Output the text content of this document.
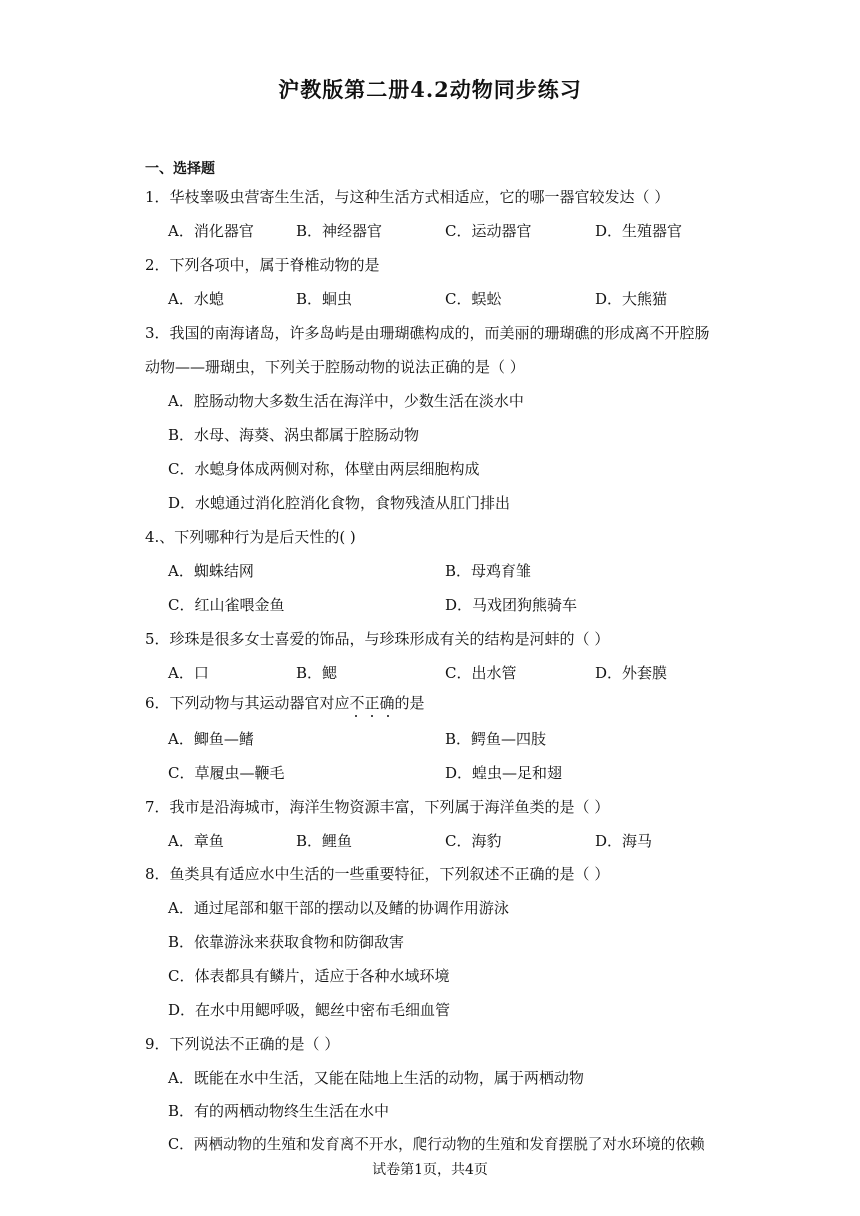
沪教版第二册4.2动物同步练习
一、选择题
1．华枝睾吸虫营寄生生活，与这种生活方式相适应，它的哪一器官较发达（ ）
A．消化器官	B．神经器官	C．运动器官	D．生殖器官
2．下列各项中，属于脊椎动物的是
A．水螅	B．蛔虫	C．蜈蚣	D．大熊猫
3．我国的南海诸岛，许多岛屿是由珊瑚礁构成的，而美丽的珊瑚礁的形成离不开腔肠
动物——珊瑚虫，下列关于腔肠动物的说法正确的是（ ）
A．腔肠动物大多数生活在海洋中，少数生活在淡水中
B．水母、海葵、涡虫都属于腔肠动物
C．水螅身体成两侧对称，体壁由两层细胞构成
D．水螅通过消化腔消化食物，食物残渣从肛门排出
4.、下列哪种行为是后天性的( )
A．蜘蛛结网	B．母鸡育雏
C．红山雀喂金鱼	D．马戏团狗熊骑车
5．珍珠是很多女士喜爱的饰品，与珍珠形成有关的结构是河蚌的（ ）
A．口	B．鳃	C．出水管	D．外套膜
6．下列动物与其运动器官对应不正确的是
A．鲫鱼—鳍	B．鳄鱼—四肢
C．草履虫—鞭毛	D．蝗虫—足和翅
7．我市是沿海城市，海洋生物资源丰富，下列属于海洋鱼类的是（ ）
A．章鱼	B．鲤鱼	C．海豹	D．海马
8．鱼类具有适应水中生活的一些重要特征，下列叙述不正确的是（ ）
A．通过尾部和躯干部的摆动以及鳍的协调作用游泳
B．依靠游泳来获取食物和防御敌害
C．体表都具有鳞片，适应于各种水域环境
D．在水中用鳃呼吸，鳃丝中密布毛细血管
9．下列说法不正确的是（ ）
A．既能在水中生活，又能在陆地上生活的动物，属于两栖动物
B．有的两栖动物终生生活在水中
C．两栖动物的生殖和发育离不开水，爬行动物的生殖和发育摆脱了对水环境的依赖
试卷第1页，共4页
